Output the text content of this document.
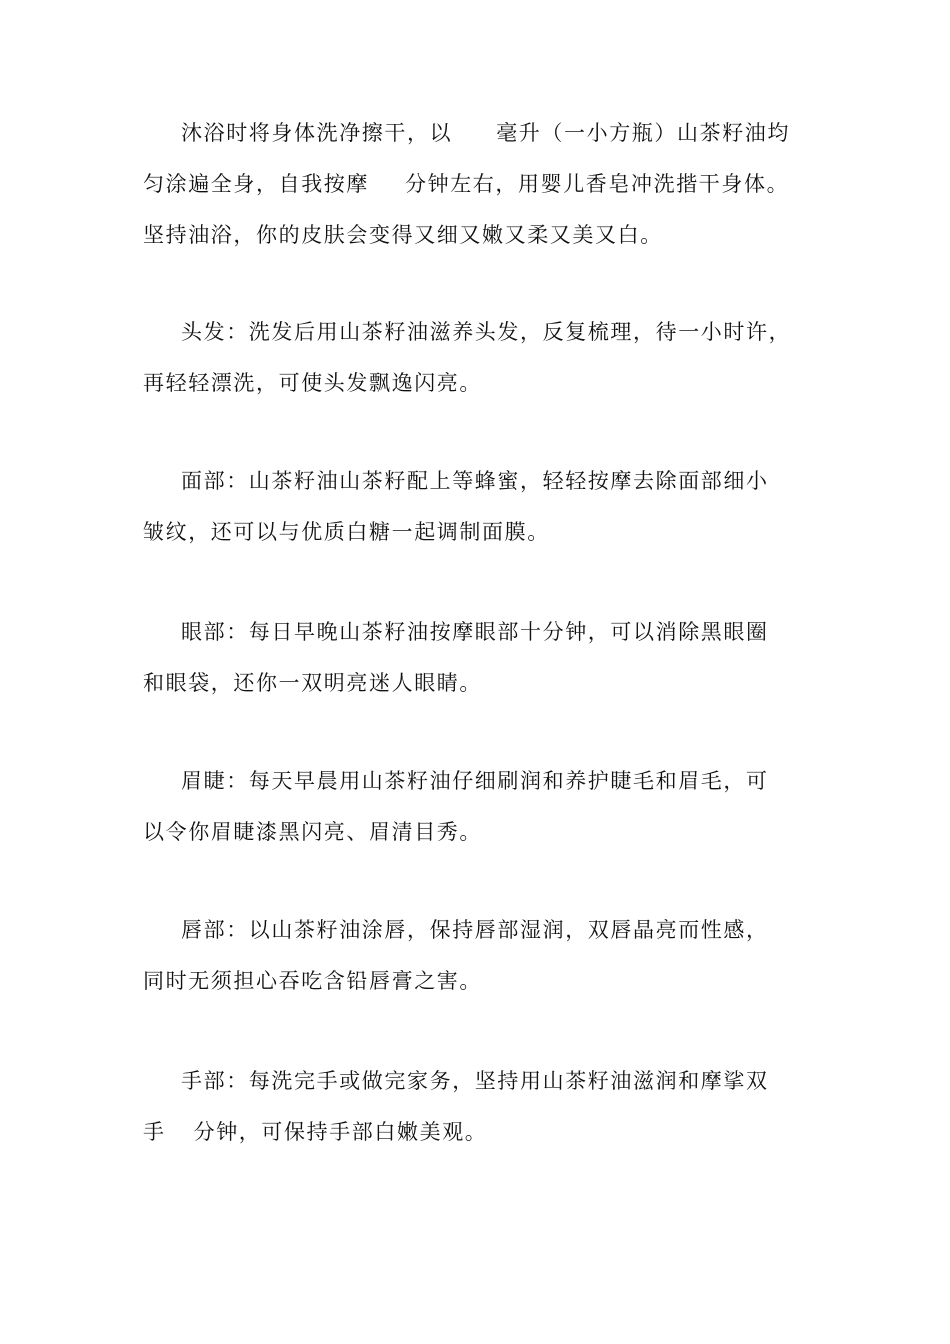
沐浴时将身体洗净擦干，以 毫升（一小方瓶）山茶籽油均
匀涂遍全身，自我按摩 分钟左右，用婴儿香皂冲洗揩干身体。
坚持油浴，你的皮肤会变得又细又嫩又柔又美又白。
头发：洗发后用山茶籽油滋养头发，反复梳理，待一小时许，
再轻轻漂洗，可使头发飘逸闪亮。
面部：山茶籽油山茶籽配上等蜂蜜，轻轻按摩去除面部细小
皱纹，还可以与优质白糖一起调制面膜。
眼部：每日早晚山茶籽油按摩眼部十分钟，可以消除黑眼圈
和眼袋，还你一双明亮迷人眼睛。
眉睫：每天早晨用山茶籽油仔细刷润和养护睫毛和眉毛，可
以令你眉睫漆黑闪亮、眉清目秀。
唇部：以山茶籽油涂唇，保持唇部湿润，双唇晶亮而性感，
同时无须担心吞吃含铅唇膏之害。
手部：每洗完手或做完家务，坚持用山茶籽油滋润和摩挲双
手 分钟，可保持手部白嫩美观。
